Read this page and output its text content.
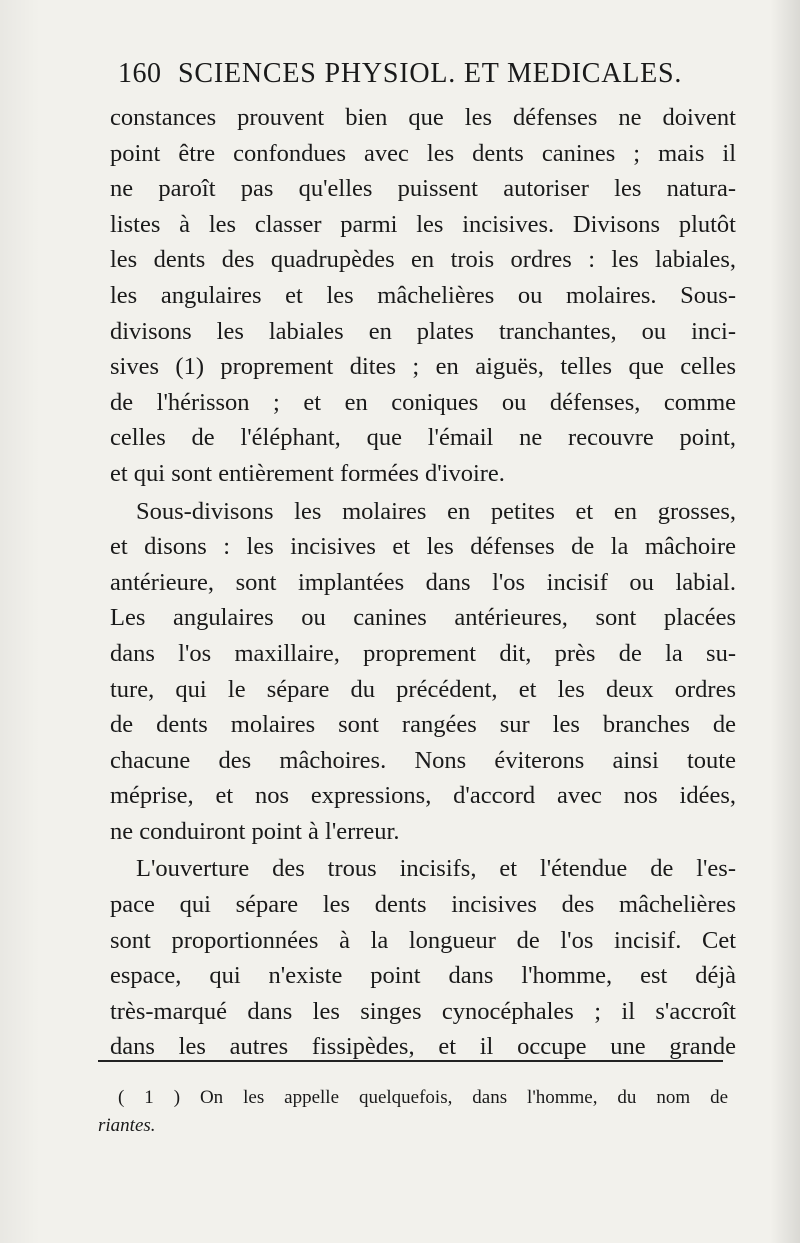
160 SCIENCES PHYSIOL. ET MEDICALES.
constances prouvent bien que les défenses ne doivent
point être confondues avec les dents canines ; mais il
ne paroît pas qu'elles puissent autoriser les natura-
listes à les classer parmi les incisives. Divisons plutôt
les dents des quadrupèdes en trois ordres : les labiales,
les angulaires et les mâchelières ou molaires. Sous-
divisons les labiales en plates tranchantes, ou inci-
sives (1) proprement dites ; en aiguës, telles que celles
de l'hérisson ; et en coniques ou défenses, comme
celles de l'éléphant, que l'émail ne recouvre point,
et qui sont entièrement formées d'ivoire.
Sous-divisons les molaires en petites et en grosses,
et disons : les incisives et les défenses de la mâchoire
antérieure, sont implantées dans l'os incisif ou labial.
Les angulaires ou canines antérieures, sont placées
dans l'os maxillaire, proprement dit, près de la su-
ture, qui le sépare du précédent, et les deux ordres
de dents molaires sont rangées sur les branches de
chacune des mâchoires. Nons éviterons ainsi toute
méprise, et nos expressions, d'accord avec nos idées,
ne conduiront point à l'erreur.
L'ouverture des trous incisifs, et l'étendue de l'es-
pace qui sépare les dents incisives des mâchelières
sont proportionnées à la longueur de l'os incisif. Cet
espace, qui n'existe point dans l'homme, est déjà
très-marqué dans les singes cynocéphales ; il s'accroît
dans les autres fissipèdes, et il occupe une grande
( 1 ) On les appelle quelquefois, dans l'homme, du nom de
riantes.
